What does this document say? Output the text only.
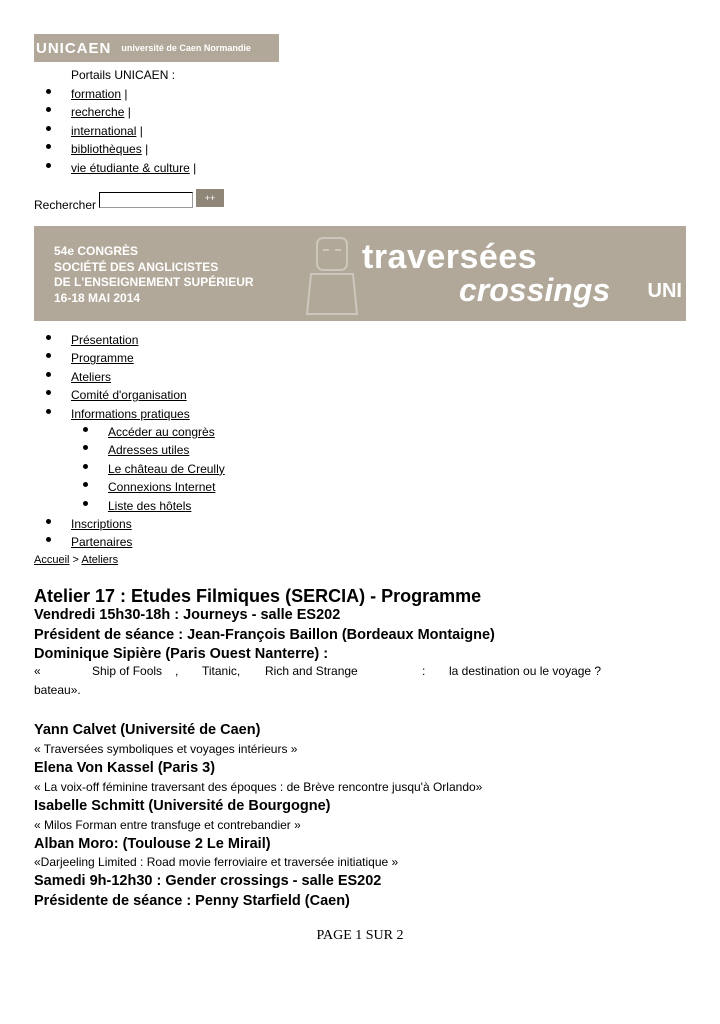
UNICAEN université de Caen Normandie
Portails UNICAEN :
formation |
recherche |
international |
bibliothèques |
vie étudiante & culture |
Rechercher	++
54e CONGRÈS
SOCIÉTÉ DES ANGLICISTES
DE L'ENSEIGNEMENT SUPÉRIEUR
16-18 MAI 2014
traversées
crossings UNI
Présentation
Programme
Ateliers
Comité d'organisation
Informations pratiques
Accéder au congrès
Adresses utiles
Le château de Creully
Connexions Internet
Liste des hôtels
Inscriptions
Partenaires
Accueil > Ateliers
Atelier 17 : Etudes Filmiques (SERCIA) - Programme
Vendredi 15h30-18h : Journeys - salle ES202
Président de séance : Jean-François Baillon (Bordeaux Montaigne)
Dominique Sipière (Paris Ouest Nanterre) :
«	Ship of Fools , Titanic, Rich and Strange	: la destination ou le voyage ?
bateau».
Yann Calvet (Université de Caen)
« Traversées symboliques et voyages intérieurs »
Elena Von Kassel (Paris 3)
« La voix-off féminine traversant des époques : de Brève rencontre jusqu'à Orlando»
Isabelle Schmitt (Université de Bourgogne)
« Milos Forman entre transfuge et contrebandier »
Alban Moro: (Toulouse 2 Le Mirail)
«Darjeeling Limited : Road movie ferroviaire et traversée initiatique »
Samedi 9h-12h30 : Gender crossings - salle ES202
Présidente de séance : Penny Starfield (Caen)
PAGE 1 SUR 2
